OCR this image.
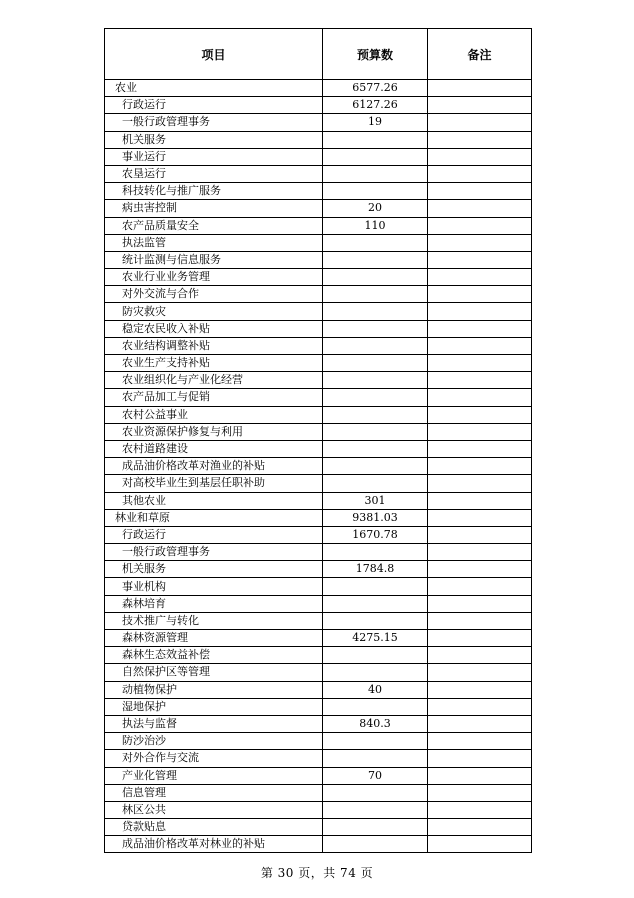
项目	预算数	备注
农业	6577.26	
行政运行	6127.26	
一般行政管理事务	19	
机关服务		
事业运行		
农垦运行		
科技转化与推广服务		
病虫害控制	20	
农产品质量安全	110	
执法监管		
统计监测与信息服务		
农业行业业务管理		
对外交流与合作		
防灾救灾		
稳定农民收入补贴		
农业结构调整补贴		
农业生产支持补贴		
农业组织化与产业化经营		
农产品加工与促销		
农村公益事业		
农业资源保护修复与利用		
农村道路建设		
成品油价格改革对渔业的补贴		
对高校毕业生到基层任职补助		
其他农业	301	
林业和草原	9381.03	
行政运行	1670.78	
一般行政管理事务		
机关服务	1784.8	
事业机构		
森林培育		
技术推广与转化		
森林资源管理	4275.15	
森林生态效益补偿		
自然保护区等管理		
动植物保护	40	
湿地保护		
执法与监督	840.3	
防沙治沙		
对外合作与交流		
产业化管理	70	
信息管理		
林区公共		
贷款贴息		
成品油价格改革对林业的补贴		
第 30 页，共 74 页
